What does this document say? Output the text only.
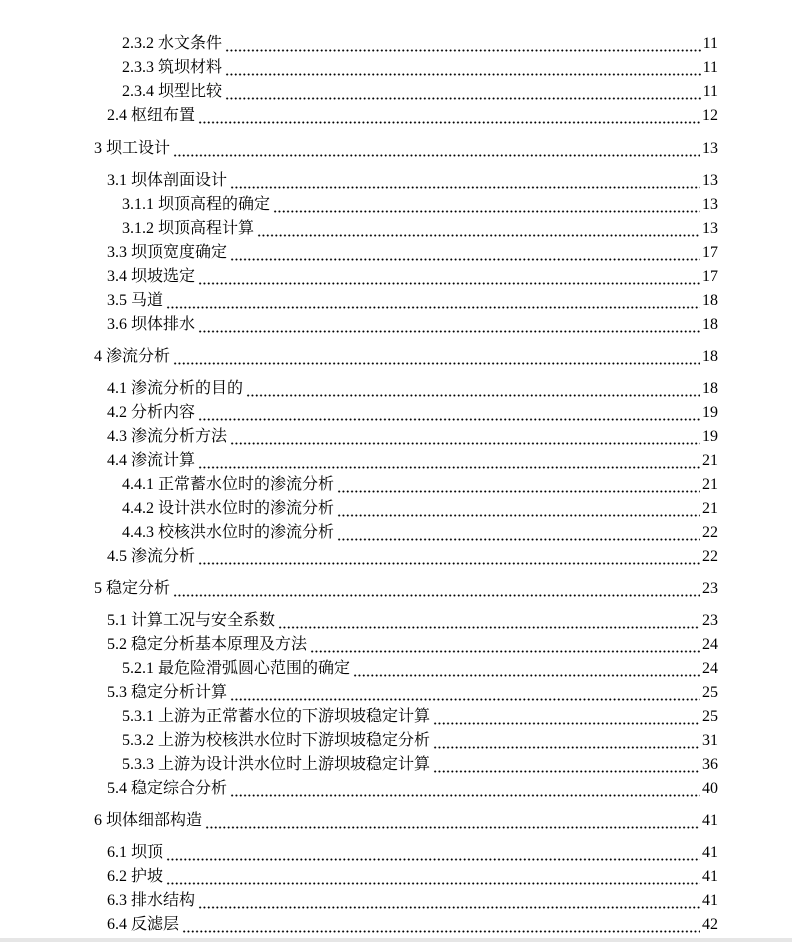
2.3.2 水文条件	11
2.3.3 筑坝材料	11
2.3.4 坝型比较	11
2.4 枢纽布置	12
3 坝工设计	13
3.1 坝体剖面设计	13
3.1.1 坝顶高程的确定	13
3.1.2 坝顶高程计算	13
3.3 坝顶宽度确定	17
3.4 坝坡选定	17
3.5 马道	18
3.6 坝体排水	18
4 渗流分析	18
4.1 渗流分析的目的	18
4.2 分析内容	19
4.3 渗流分析方法	19
4.4 渗流计算	21
4.4.1 正常蓄水位时的渗流分析	21
4.4.2 设计洪水位时的渗流分析	21
4.4.3 校核洪水位时的渗流分析	22
4.5 渗流分析	22
5 稳定分析	23
5.1 计算工况与安全系数	23
5.2 稳定分析基本原理及方法	24
5.2.1 最危险滑弧圆心范围的确定	24
5.3 稳定分析计算	25
5.3.1 上游为正常蓄水位的下游坝坡稳定计算	25
5.3.2 上游为校核洪水位时下游坝坡稳定分析	31
5.3.3 上游为设计洪水位时上游坝坡稳定计算	36
5.4 稳定综合分析	40
6 坝体细部构造	41
6.1 坝顶	41
6.2 护坡	41
6.3 排水结构	41
6.4 反滤层	42
